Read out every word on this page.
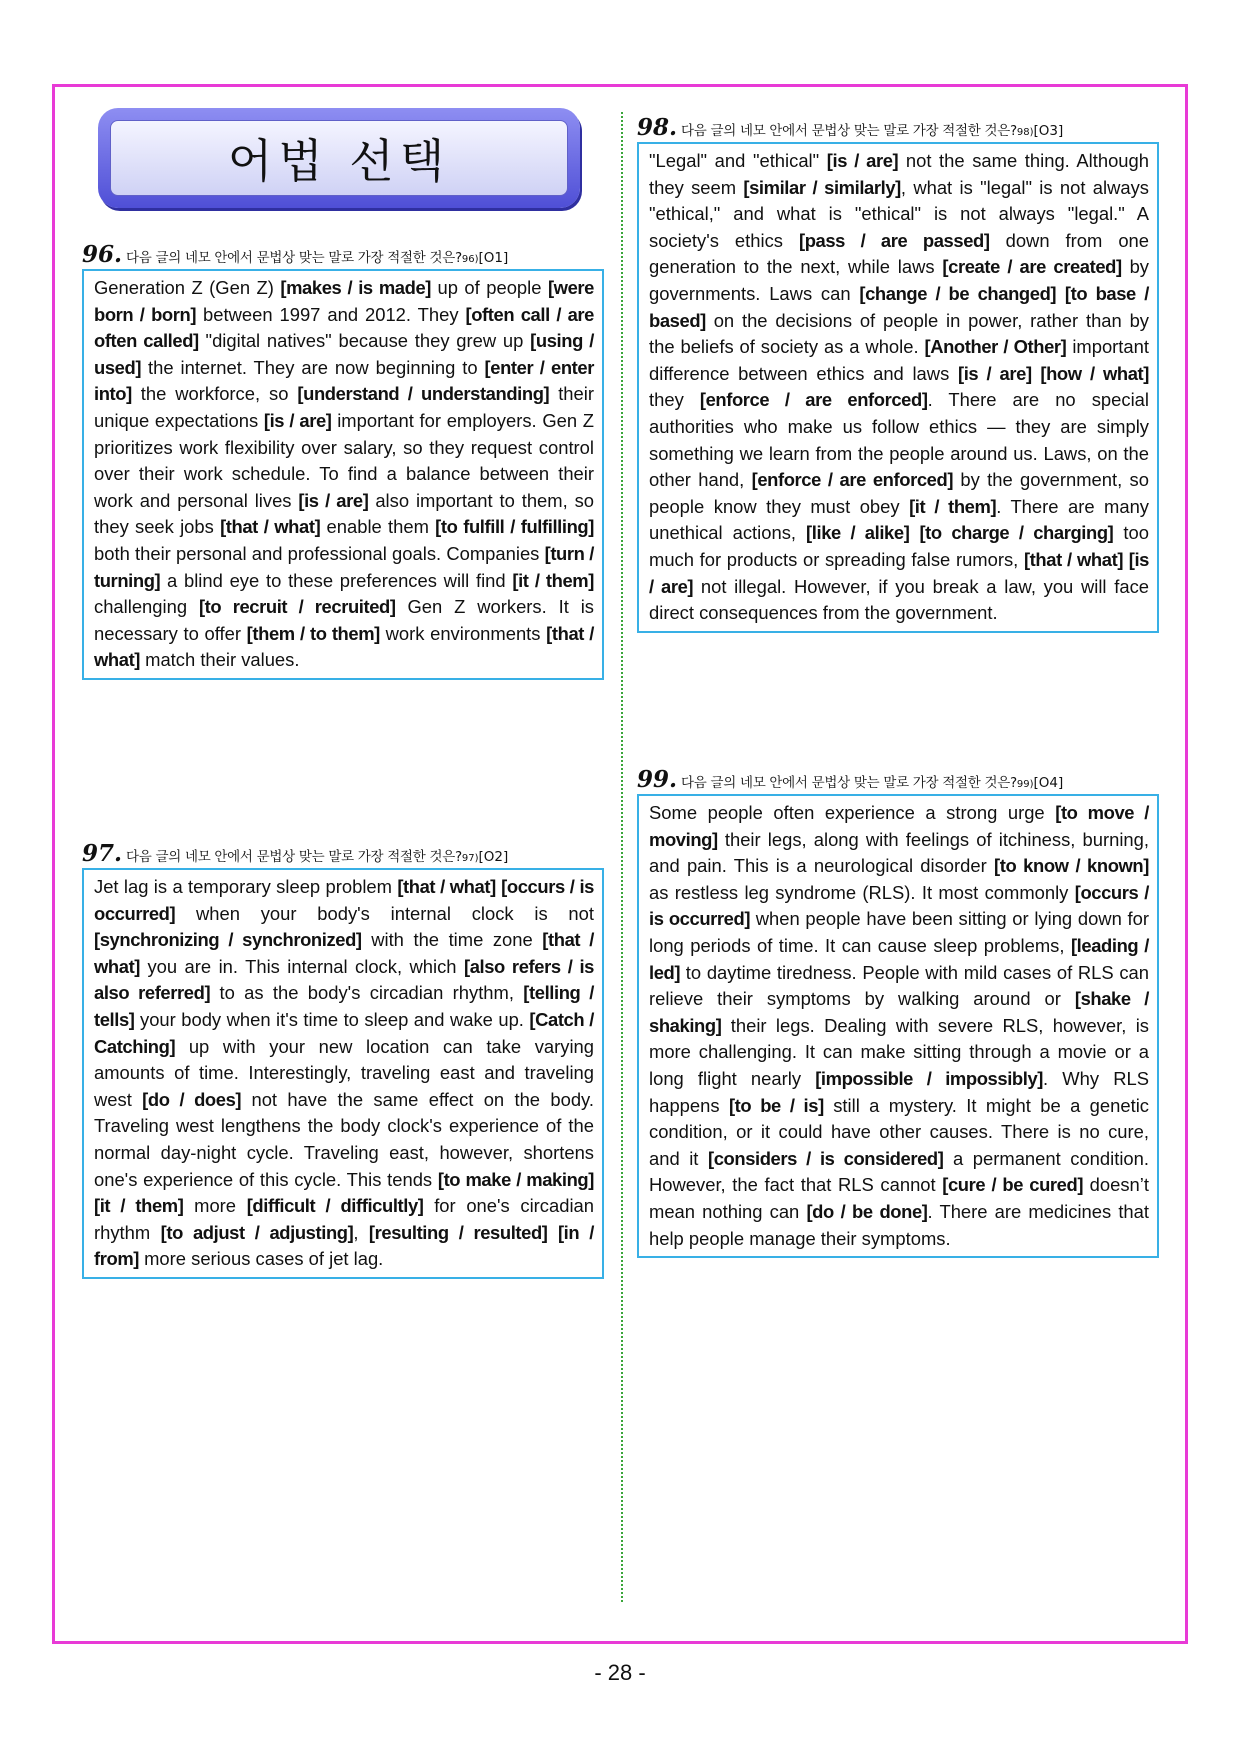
어법 선택
96. 다음 글의 네모 안에서 문법상 맞는 말로 가장 적절한 것은? 96) [O1]
Generation Z (Gen Z) [makes / is made] up of people [were born / born] between 1997 and 2012. They [often call / are often called] "digital natives" because they grew up [using / used] the internet. They are now beginning to [enter / enter into] the workforce, so [understand / understanding] their unique expectations [is / are] important for employers. Gen Z prioritizes work flexibility over salary, so they request control over their work schedule. To find a balance between their work and personal lives [is / are] also important to them, so they seek jobs [that / what] enable them [to fulfill / fulfilling] both their personal and professional goals. Companies [turn / turning] a blind eye to these preferences will find [it / them] challenging [to recruit / recruited] Gen Z workers. It is necessary to offer [them / to them] work environments [that / what] match their values.
97. 다음 글의 네모 안에서 문법상 맞는 말로 가장 적절한 것은? 97) [O2]
Jet lag is a temporary sleep problem [that / what] [occurs / is occurred] when your body's internal clock is not [synchronizing / synchronized] with the time zone [that / what] you are in. This internal clock, which [also refers / is also referred] to as the body's circadian rhythm, [telling / tells] your body when it's time to sleep and wake up. [Catch / Catching] up with your new location can take varying amounts of time. Interestingly, traveling east and traveling west [do / does] not have the same effect on the body. Traveling west lengthens the body clock's experience of the normal day-night cycle. Traveling east, however, shortens one's experience of this cycle. This tends [to make / making] [it / them] more [difficult / difficultly] for one's circadian rhythm [to adjust / adjusting], [resulting / resulted] [in / from] more serious cases of jet lag.
98. 다음 글의 네모 안에서 문법상 맞는 말로 가장 적절한 것은? 98) [O3]
"Legal" and "ethical" [is / are] not the same thing. Although they seem [similar / similarly], what is "legal" is not always "ethical," and what is "ethical" is not always "legal." A society's ethics [pass / are passed] down from one generation to the next, while laws [create / are created] by governments. Laws can [change / be changed] [to base / based] on the decisions of people in power, rather than by the beliefs of society as a whole. [Another / Other] important difference between ethics and laws [is / are] [how / what] they [enforce / are enforced]. There are no special authorities who make us follow ethics — they are simply something we learn from the people around us. Laws, on the other hand, [enforce / are enforced] by the government, so people know they must obey [it / them]. There are many unethical actions, [like / alike] [to charge / charging] too much for products or spreading false rumors, [that / what] [is / are] not illegal. However, if you break a law, you will face direct consequences from the government.
99. 다음 글의 네모 안에서 문법상 맞는 말로 가장 적절한 것은? 99) [O4]
Some people often experience a strong urge [to move / moving] their legs, along with feelings of itchiness, burning, and pain. This is a neurological disorder [to know / known] as restless leg syndrome (RLS). It most commonly [occurs / is occurred] when people have been sitting or lying down for long periods of time. It can cause sleep problems, [leading / led] to daytime tiredness. People with mild cases of RLS can relieve their symptoms by walking around or [shake / shaking] their legs. Dealing with severe RLS, however, is more challenging. It can make sitting through a movie or a long flight nearly [impossible / impossibly]. Why RLS happens [to be / is] still a mystery. It might be a genetic condition, or it could have other causes. There is no cure, and it [considers / is considered] a permanent condition. However, the fact that RLS cannot [cure / be cured] doesn’t mean nothing can [do / be done]. There are medicines that help people manage their symptoms.
- 28 -
